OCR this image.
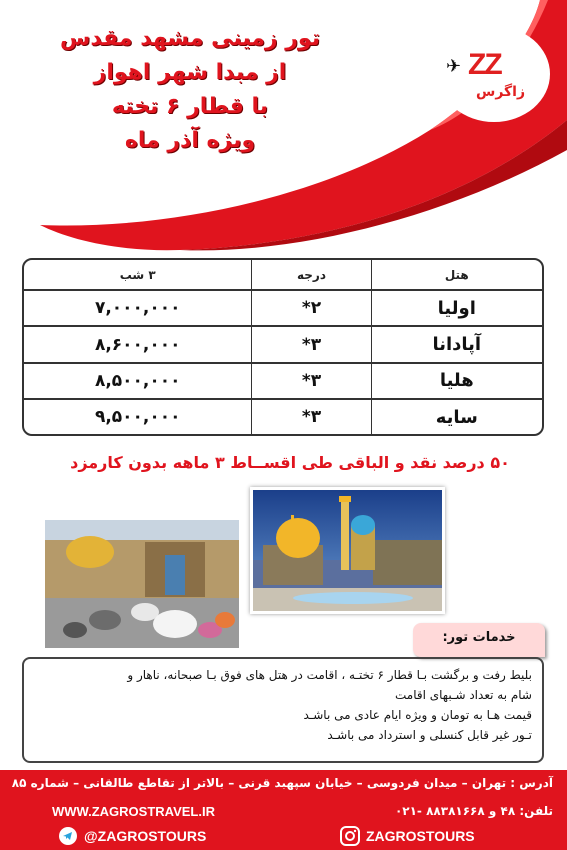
✈ ZZ
زاگرس
تور زمینی مشهد مقدس
از مبدا شهر اهواز
با قطار ۶ تخته
ویژه آذر ماه
هتل	درجه	۳ شب
اولیا	۲*	۷,۰۰۰,۰۰۰
آپادانا	۳*	۸,۶۰۰,۰۰۰
هلیا	۳*	۸,۵۰۰,۰۰۰
سایه	۳*	۹,۵۰۰,۰۰۰
۵۰ درصد نقد و الباقی طی اقســاط ۳ ماهه بدون کارمزد
خدمات تور:
بلیط رفت و برگشت بـا قطار ۶ تختـه ، اقامت در هتل های فوق بـا صبحانه، ناهار و
شام به تعداد شـبهای اقامت
قیمت هـا به تومان و ویژه ایام عادی می باشـد
تـور غیر قابل کنسلی و استرداد می باشـد
آدرس : تهران – میدان فردوسی – خیابان سپهبد قرنی – بالاتر از تقاطع طالقانی – شماره ۸۵
WWW.ZAGROSTRAVEL.IR	تلفن: ۴۸ و ۸۸۳۸۱۶۶۸ -۰۲۱
@ZAGROSTOURS	ZAGROSTOURS
